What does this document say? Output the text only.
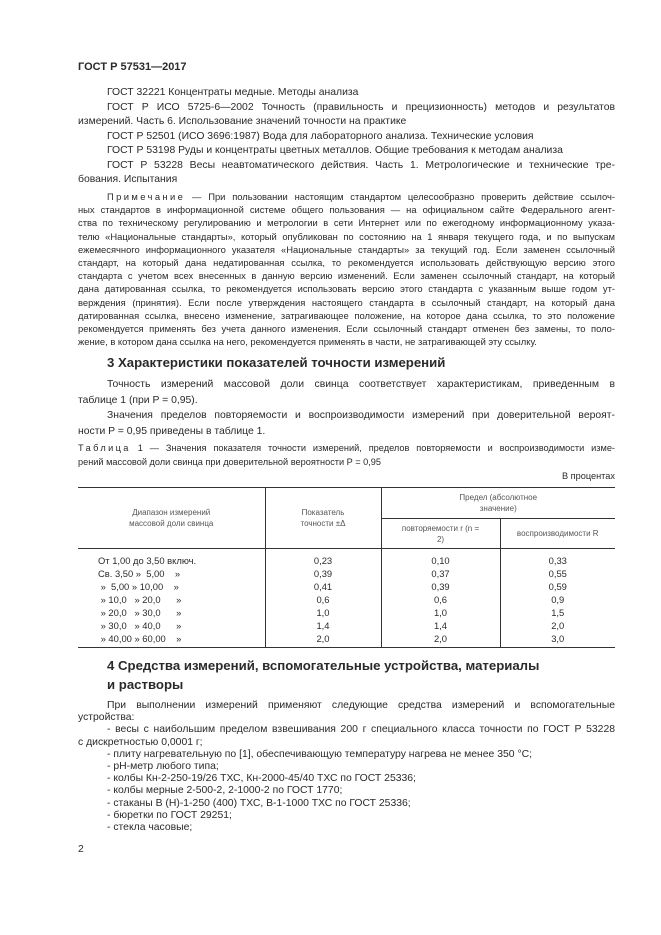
ГОСТ Р 57531—2017
ГОСТ 32221 Концентраты медные. Методы анализа
ГОСТ Р ИСО 5725-6—2002 Точность (правильность и прецизионность) методов и результатов
измерений. Часть 6. Использование значений точности на практике
ГОСТ Р 52501 (ИСО 3696:1987) Вода для лабораторного анализа. Технические условия
ГОСТ Р 53198 Руды и концентраты цветных металлов. Общие требования к методам анализа
ГОСТ Р 53228 Весы неавтоматического действия. Часть 1. Метрологические и технические тре-
бования. Испытания
Примечание — При пользовании настоящим стандартом целесообразно проверить действие ссылоч-
ных стандартов в информационной системе общего пользования — на официальном сайте Федерального агент-
ства по техническому регулированию и метрологии в сети Интернет или по ежегодному информационному указа-
телю «Национальные стандарты», который опубликован по состоянию на 1 января текущего года, и по выпускам
ежемесячного информационного указателя «Национальные стандарты» за текущий год. Если заменен ссылочный
стандарт, на который дана недатированная ссылка, то рекомендуется использовать действующую версию этого
стандарта с учетом всех внесенных в данную версию изменений. Если заменен ссылочный стандарт, на который
дана датированная ссылка, то рекомендуется использовать версию этого стандарта с указанным выше годом ут-
верждения (принятия). Если после утверждения настоящего стандарта в ссылочный стандарт, на который дана
датированная ссылка, внесено изменение, затрагивающее положение, на которое дана ссылка, то это положение
рекомендуется применять без учета данного изменения. Если ссылочный стандарт отменен без замены, то поло-
жение, в котором дана ссылка на него, рекомендуется применять в части, не затрагивающей эту ссылку.
3 Характеристики показателей точности измерений
Точность измерений массовой доли свинца соответствует характеристикам, приведенным в
таблице 1 (при P = 0,95).
Значения пределов повторяемости и воспроизводимости измерений при доверительной вероят-
ности P = 0,95 приведены в таблице 1.
Таблица 1 — Значения показателя точности измерений, пределов повторяемости и воспроизводимости изме-
рений массовой доли свинца при доверительной вероятности P = 0,95
В процентах
Диапазон измерений массовой доли свинца	Показатель точности ±Δ	Предел (абсолютное значение)	
		повторяемости r (n = 2)	воспроизводимости R
От 1,00 до 3,50 включ.	0,23	0,10	0,33
Св. 3,50 »  5,00    »	0,39	0,37	0,55
»  5,00 » 10,00    »	0,41	0,39	0,59
» 10,0   » 20,0      »	0,6	0,6	0,9
» 20,0   » 30,0      »	1,0	1,0	1,5
» 30,0   » 40,0      »	1,4	1,4	2,0
» 40,00 » 60,00    »	2,0	2,0	3,0
4 Средства измерений, вспомогательные устройства, материалы
и растворы
При выполнении измерений применяют следующие средства измерений и вспомогательные
устройства:
- весы с наибольшим пределом взвешивания 200 г специального класса точности по ГОСТ Р 53228
с дискретностью 0,0001 г;
- плиту нагревательную по [1], обеспечивающую температуру нагрева не менее 350 °С;
- pH-метр любого типа;
- колбы Кн-2-250-19/26 ТХС, Кн-2000-45/40 ТХС по ГОСТ 25336;
- колбы мерные 2-500-2, 2-1000-2 по ГОСТ 1770;
- стаканы В (Н)-1-250 (400) ТХС, В-1-1000 ТХС по ГОСТ 25336;
- бюретки по ГОСТ 29251;
- стекла часовые;
2
